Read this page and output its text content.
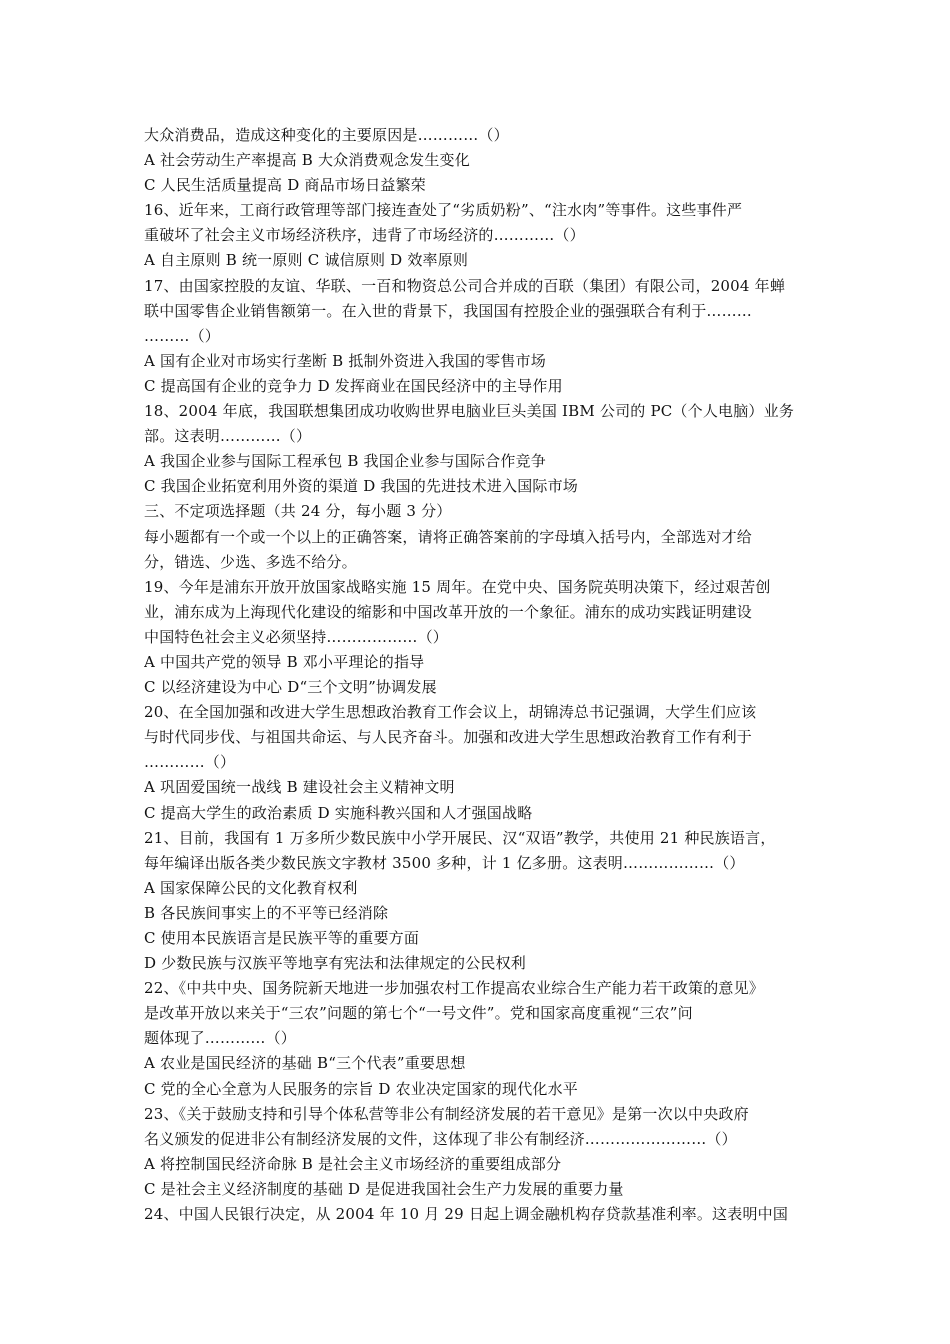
大众消费品，造成这种变化的主要原因是…………（）
A 社会劳动生产率提高 B 大众消费观念发生变化
C 人民生活质量提高 D 商品市场日益繁荣
16、近年来，工商行政管理等部门接连查处了“劣质奶粉”、“注水肉”等事件。这些事件严
重破坏了社会主义市场经济秩序，违背了市场经济的…………（）
A 自主原则 B 统一原则 C 诚信原则 D 效率原则
17、由国家控股的友谊、华联、一百和物资总公司合并成的百联（集团）有限公司，2004 年蝉
联中国零售企业销售额第一。在入世的背景下，我国国有控股企业的强强联合有利于………
………（）
A 国有企业对市场实行垄断 B 抵制外资进入我国的零售市场
C 提高国有企业的竞争力 D 发挥商业在国民经济中的主导作用
18、2004 年底，我国联想集团成功收购世界电脑业巨头美国 IBM 公司的 PC（个人电脑）业务
部。这表明…………（）
A 我国企业参与国际工程承包 B 我国企业参与国际合作竞争
C 我国企业拓宽利用外资的渠道 D 我国的先进技术进入国际市场
三、不定项选择题（共 24 分，每小题 3 分）
每小题都有一个或一个以上的正确答案，请将正确答案前的字母填入括号内，全部选对才给
分，错选、少选、多选不给分。
19、今年是浦东开放开放国家战略实施 15 周年。在党中央、国务院英明决策下，经过艰苦创
业，浦东成为上海现代化建设的缩影和中国改革开放的一个象征。浦东的成功实践证明建设
中国特色社会主义必须坚持………………（）
A 中国共产党的领导 B 邓小平理论的指导
C 以经济建设为中心 D“三个文明”协调发展
20、在全国加强和改进大学生思想政治教育工作会议上，胡锦涛总书记强调，大学生们应该
与时代同步伐、与祖国共命运、与人民齐奋斗。加强和改进大学生思想政治教育工作有利于
…………（）
A 巩固爱国统一战线 B 建设社会主义精神文明
C 提高大学生的政治素质 D 实施科教兴国和人才强国战略
21、目前，我国有 1 万多所少数民族中小学开展民、汉“双语”教学，共使用 21 种民族语言，
每年编译出版各类少数民族文字教材 3500 多种，计 1 亿多册。这表明………………（）
A 国家保障公民的文化教育权利
B 各民族间事实上的不平等已经消除
C 使用本民族语言是民族平等的重要方面
D 少数民族与汉族平等地享有宪法和法律规定的公民权利
22、《中共中央、国务院新天地进一步加强农村工作提高农业综合生产能力若干政策的意见》
是改革开放以来关于“三农”问题的第七个“一号文件”。党和国家高度重视“三农”问
题体现了…………（）
A 农业是国民经济的基础 B“三个代表”重要思想
C 党的全心全意为人民服务的宗旨 D 农业决定国家的现代化水平
23、《关于鼓励支持和引导个体私营等非公有制经济发展的若干意见》是第一次以中央政府
名义颁发的促进非公有制经济发展的文件，这体现了非公有制经济……………………（）
A 将控制国民经济命脉 B 是社会主义市场经济的重要组成部分
C 是社会主义经济制度的基础 D 是促进我国社会生产力发展的重要力量
24、中国人民银行决定，从 2004 年 10 月 29 日起上调金融机构存贷款基准利率。这表明中国
